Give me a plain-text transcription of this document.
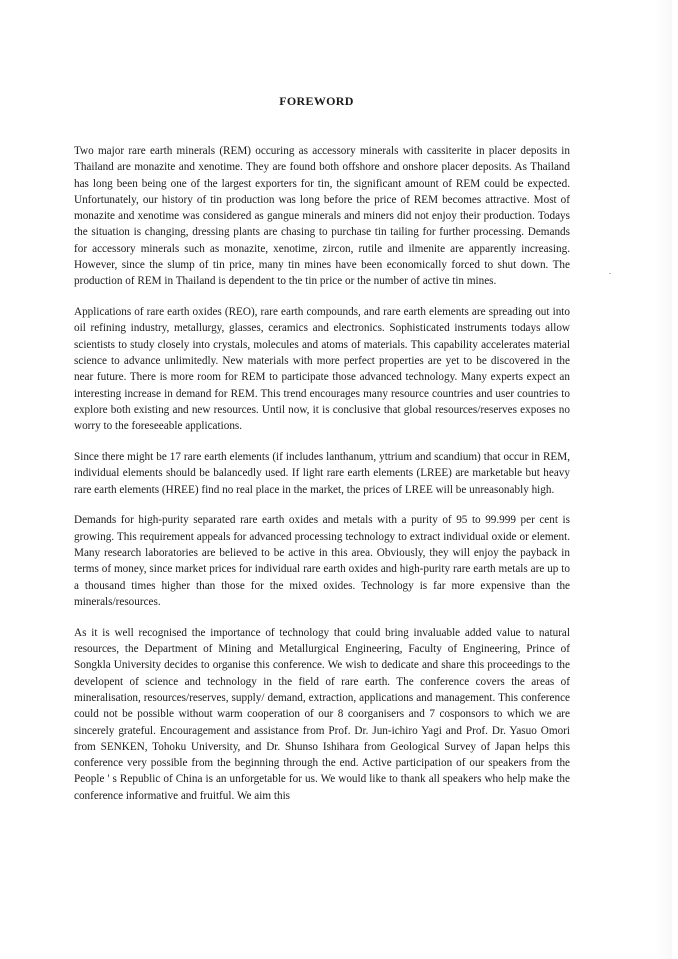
FOREWORD

Two major rare earth minerals (REM) occuring as accessory minerals with cassiterite in placer deposits in Thailand are monazite and xenotime. They are found both offshore and onshore placer deposits. As Thailand has long been being one of the largest exporters for tin, the significant amount of REM could be expected. Unfortunately, our history of tin production was long before the price of REM becomes attractive. Most of monazite and xenotime was considered as gangue minerals and miners did not enjoy their production. Todays the situation is changing, dressing plants are chasing to purchase tin tailing for further processing. Demands for accessory minerals such as monazite, xenotime, zircon, rutile and ilmenite are apparently increasing. However, since the slump of tin price, many tin mines have been economically forced to shut down. The production of REM in Thailand is dependent to the tin price or the number of active tin mines.

Applications of rare earth oxides (REO), rare earth compounds, and rare earth elements are spreading out into oil refining industry, metallurgy, glasses, ceramics and electronics. Sophisticated instruments todays allow scientists to study closely into crystals, molecules and atoms of materials. This capability accelerates material science to advance unlimitedly. New materials with more perfect properties are yet to be discovered in the near future. There is more room for REM to participate those advanced technology. Many experts expect an interesting increase in demand for REM. This trend encourages many resource countries and user countries to explore both existing and new resources. Until now, it is conclusive that global resources/reserves exposes no worry to the foreseeable applications.

Since there might be 17 rare earth elements (if includes lanthanum, yttrium and scandium) that occur in REM, individual elements should be balancedly used. If light rare earth elements (LREE) are marketable but heavy rare earth elements (HREE) find no real place in the market, the prices of LREE will be unreasonably high.

Demands for high-purity separated rare earth oxides and metals with a purity of 95 to 99.999 per cent is growing. This requirement appeals for advanced processing technology to extract individual oxide or element. Many research laboratories are believed to be active in this area. Obviously, they will enjoy the payback in terms of money, since market prices for individual rare earth oxides and high-purity rare earth metals are up to a thousand times higher than those for the mixed oxides. Technology is far more expensive than the minerals/resources.

As it is well recognised the importance of technology that could bring invaluable added value to natural resources, the Department of Mining and Metallurgical Engineering, Faculty of Engineering, Prince of Songkla University decides to organise this conference. We wish to dedicate and share this proceedings to the developent of science and technology in the field of rare earth. The conference covers the areas of mineralisation, resources/reserves, supply/ demand, extraction, applications and management. This conference could not be possible without warm cooperation of our 8 coorganisers and 7 cosponsors to which we are sincerely grateful. Encouragement and assistance from Prof. Dr. Jun-ichiro Yagi and Prof. Dr. Yasuo Omori from SENKEN, Tohoku University, and Dr. Shunso Ishihara from Geological Survey of Japan helps this conference very possible from the beginning through the end. Active participation of our speakers from the People ' s Republic of China is an unforgetable for us. We would like to thank all speakers who help make the conference informative and fruitful. We aim this
